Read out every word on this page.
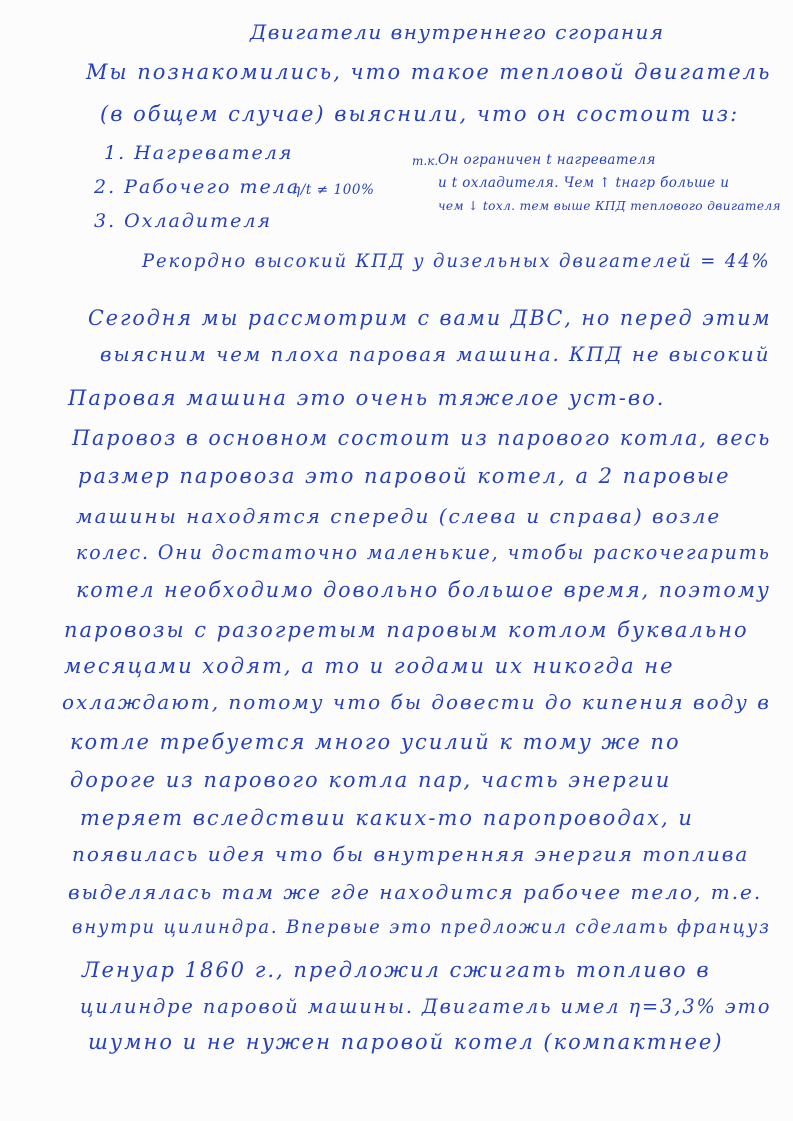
Двигатели внутреннего сгорания
Мы познакомились, что такое тепловой двигатель
(в общем случае) выяснили, что он состоит из:
1. Нагревателя
2. Рабочего тела
η/t ≠ 100%
3. Охладителя
т.к. Он ограничен t нагревателя
и t охладителя. Чем ↑ tнагр больше и
чем ↓ tохл. тем выше КПД теплового двигателя
Рекордно высокий КПД у дизельных двигателей = 44%
Сегодня мы рассмотрим с вами ДВС, но перед этим
выясним чем плоха паровая машина. КПД не высокий
Паровая машина это очень тяжелое уст-во.
Паровоз в основном состоит из парового котла, весь
размер паровоза это паровой котел, а 2 паровые
машины находятся спереди (слева и справа) возле
колес. Они достаточно маленькие, чтобы раскочегарить
котел необходимо довольно большое время, поэтому
паровозы с разогретым паровым котлом буквально
месяцами ходят, а то и годами их никогда не
охлаждают, потому что бы довести до кипения воду в
котле требуется много усилий к тому же по
дороге из парового котла пар, часть энергии
теряет вследствии каких-то паропроводах, и
появилась идея что бы внутренняя энергия топлива
выделялась там же где находится рабочее тело, т.е.
внутри цилиндра. Впервые это предложил сделать француз
Ленуар 1860 г., предложил сжигать топливо в
цилиндре паровой машины. Двигатель имел η=3,3% это
шумно и не нужен паровой котел (компактнее)
